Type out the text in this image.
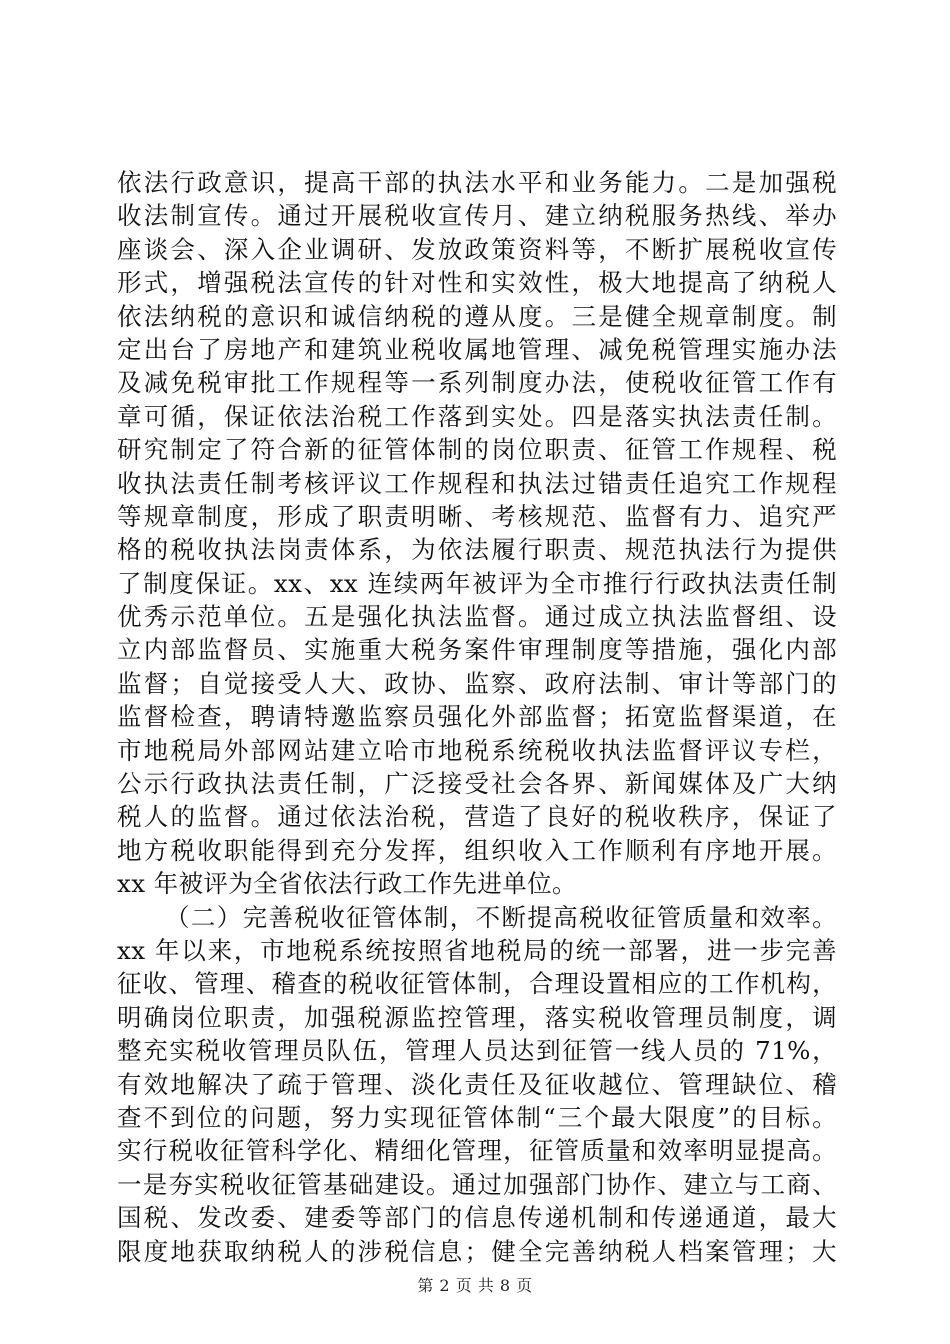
依法行政意识，提高干部的执法水平和业务能力。二是加强税
收法制宣传。通过开展税收宣传月、建立纳税服务热线、举办
座谈会、深入企业调研、发放政策资料等，不断扩展税收宣传
形式，增强税法宣传的针对性和实效性，极大地提高了纳税人
依法纳税的意识和诚信纳税的遵从度。三是健全规章制度。制
定出台了房地产和建筑业税收属地管理、减免税管理实施办法
及减免税审批工作规程等一系列制度办法，使税收征管工作有
章可循，保证依法治税工作落到实处。四是落实执法责任制。
研究制定了符合新的征管体制的岗位职责、征管工作规程、税
收执法责任制考核评议工作规程和执法过错责任追究工作规程
等规章制度，形成了职责明晰、考核规范、监督有力、追究严
格的税收执法岗责体系，为依法履行职责、规范执法行为提供
了制度保证。xx、xx 连续两年被评为全市推行行政执法责任制
优秀示范单位。五是强化执法监督。通过成立执法监督组、设
立内部监督员、实施重大税务案件审理制度等措施，强化内部
监督；自觉接受人大、政协、监察、政府法制、审计等部门的
监督检查，聘请特邀监察员强化外部监督；拓宽监督渠道，在
市地税局外部网站建立哈市地税系统税收执法监督评议专栏，
公示行政执法责任制，广泛接受社会各界、新闻媒体及广大纳
税人的监督。通过依法治税，营造了良好的税收秩序，保证了
地方税收职能得到充分发挥，组织收入工作顺利有序地开展。
xx 年被评为全省依法行政工作先进单位。
（二）完善税收征管体制，不断提高税收征管质量和效率。
xx 年以来，市地税系统按照省地税局的统一部署，进一步完善
征收、管理、稽查的税收征管体制，合理设置相应的工作机构，
明确岗位职责，加强税源监控管理，落实税收管理员制度，调
整充实税收管理员队伍，管理人员达到征管一线人员的 71%，
有效地解决了疏于管理、淡化责任及征收越位、管理缺位、稽
查不到位的问题，努力实现征管体制“三个最大限度”的目标。
实行税收征管科学化、精细化管理，征管质量和效率明显提高。
一是夯实税收征管基础建设。通过加强部门协作、建立与工商、
国税、发改委、建委等部门的信息传递机制和传递通道，最大
限度地获取纳税人的涉税信息；健全完善纳税人档案管理；大
第 2 页 共 8 页
